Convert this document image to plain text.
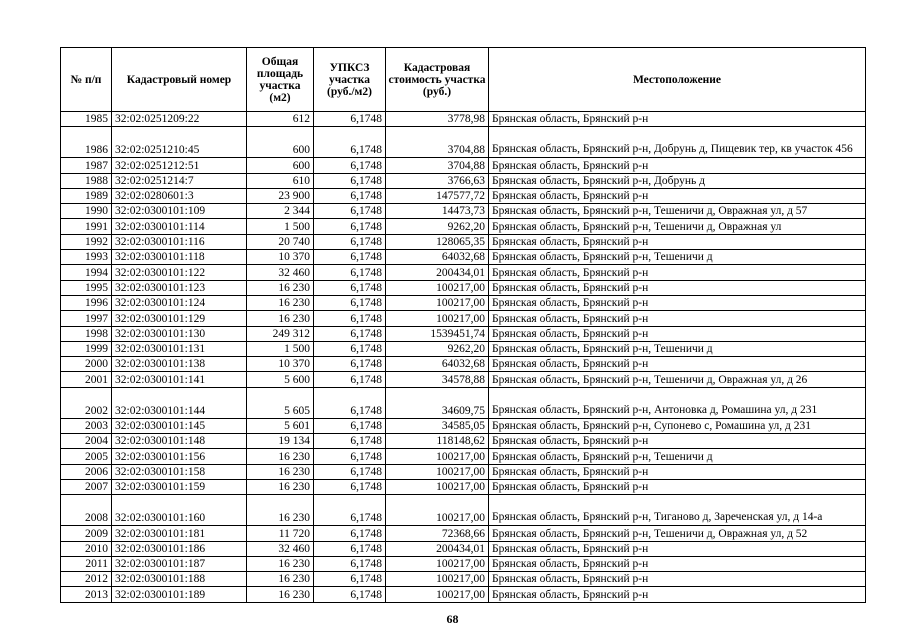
№ п/п	Кадастровый номер	Общая площадь участка (м2)	УПКСЗ участка (руб./м2)	Кадастровая стоимость участка (руб.)	Местоположение
1985	32:02:0251209:22	612	6,1748	3778,98	Брянская область, Брянский р-н
1986	32:02:0251210:45	600	6,1748	3704,88	Брянская область, Брянский р-н, Добрунь д, Пищевик тер, кв участок 456
1987	32:02:0251212:51	600	6,1748	3704,88	Брянская область, Брянский р-н
1988	32:02:0251214:7	610	6,1748	3766,63	Брянская область, Брянский р-н, Добрунь д
1989	32:02:0280601:3	23 900	6,1748	147577,72	Брянская область, Брянский р-н
1990	32:02:0300101:109	2 344	6,1748	14473,73	Брянская область, Брянский р-н, Тешеничи д, Овражная ул, д 57
1991	32:02:0300101:114	1 500	6,1748	9262,20	Брянская область, Брянский р-н, Тешеничи д, Овражная ул
1992	32:02:0300101:116	20 740	6,1748	128065,35	Брянская область, Брянский р-н
1993	32:02:0300101:118	10 370	6,1748	64032,68	Брянская область, Брянский р-н, Тешеничи д
1994	32:02:0300101:122	32 460	6,1748	200434,01	Брянская область, Брянский р-н
1995	32:02:0300101:123	16 230	6,1748	100217,00	Брянская область, Брянский р-н
1996	32:02:0300101:124	16 230	6,1748	100217,00	Брянская область, Брянский р-н
1997	32:02:0300101:129	16 230	6,1748	100217,00	Брянская область, Брянский р-н
1998	32:02:0300101:130	249 312	6,1748	1539451,74	Брянская область, Брянский р-н
1999	32:02:0300101:131	1 500	6,1748	9262,20	Брянская область, Брянский р-н, Тешеничи д
2000	32:02:0300101:138	10 370	6,1748	64032,68	Брянская область, Брянский р-н
2001	32:02:0300101:141	5 600	6,1748	34578,88	Брянская область, Брянский р-н, Тешеничи д, Овражная ул, д 26
2002	32:02:0300101:144	5 605	6,1748	34609,75	Брянская область, Брянский р-н, Антоновка д, Ромашина ул, д 231
2003	32:02:0300101:145	5 601	6,1748	34585,05	Брянская область, Брянский р-н, Супонево с, Ромашина ул, д 231
2004	32:02:0300101:148	19 134	6,1748	118148,62	Брянская область, Брянский р-н
2005	32:02:0300101:156	16 230	6,1748	100217,00	Брянская область, Брянский р-н, Тешеничи д
2006	32:02:0300101:158	16 230	6,1748	100217,00	Брянская область, Брянский р-н
2007	32:02:0300101:159	16 230	6,1748	100217,00	Брянская область, Брянский р-н
2008	32:02:0300101:160	16 230	6,1748	100217,00	Брянская область, Брянский р-н, Тиганово д, Зареченская ул, д 14-а
2009	32:02:0300101:181	11 720	6,1748	72368,66	Брянская область, Брянский р-н, Тешеничи д, Овражная ул, д 52
2010	32:02:0300101:186	32 460	6,1748	200434,01	Брянская область, Брянский р-н
2011	32:02:0300101:187	16 230	6,1748	100217,00	Брянская область, Брянский р-н
2012	32:02:0300101:188	16 230	6,1748	100217,00	Брянская область, Брянский р-н
2013	32:02:0300101:189	16 230	6,1748	100217,00	Брянская область, Брянский р-н
68
